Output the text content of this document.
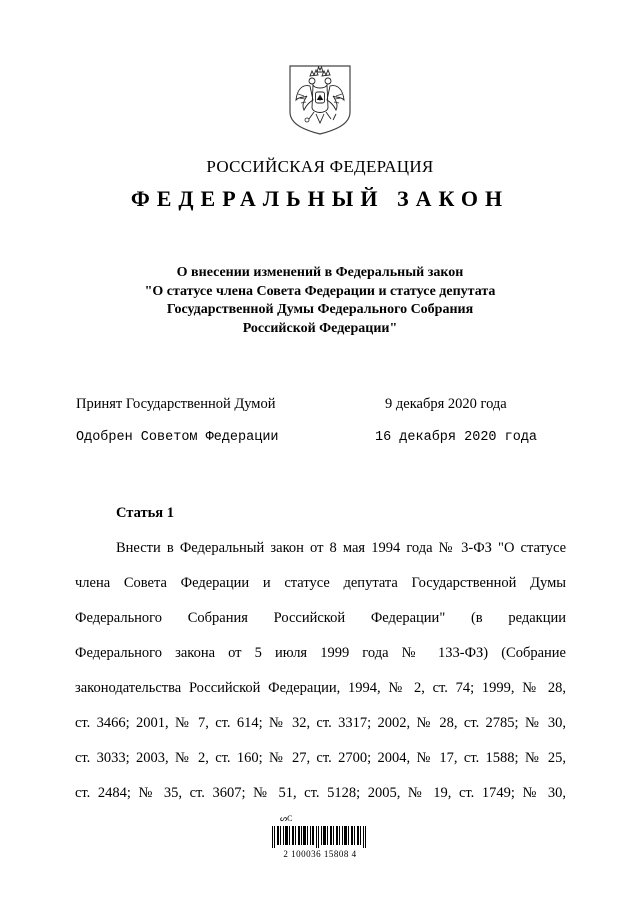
РОССИЙСКАЯ ФЕДЕРАЦИЯ
ФЕДЕРАЛЬНЫЙ ЗАКОН
О внесении изменений в Федеральный закон
"О статусе члена Совета Федерации и статусе депутата
Государственной Думы Федерального Собрания
Российской Федерации"
Принят Государственной Думой	9 декабря 2020 года
Одобрен Советом Федерации	16 декабря 2020 года
Статья 1
Внести в Федеральный закон от 8 мая 1994 года № 3-ФЗ "О статусе
члена Совета Федерации и статусе депутата Государственной Думы
Федерального Собрания Российской Федерации" (в редакции
Федерального закона от 5 июля 1999 года № 133-ФЗ) (Собрание
законодательства Российской Федерации, 1994, № 2, ст. 74; 1999, № 28,
ст. 3466; 2001, № 7, ст. 614; № 32, ст. 3317; 2002, № 28, ст. 2785; № 30,
ст. 3033; 2003, № 2, ст. 160; № 27, ст. 2700; 2004, № 17, ст. 1588; № 25,
ст. 2484; № 35, ст. 3607; № 51, ст. 5128; 2005, № 19, ст. 1749; № 30,
ᔕC
2 100036 15808 4
